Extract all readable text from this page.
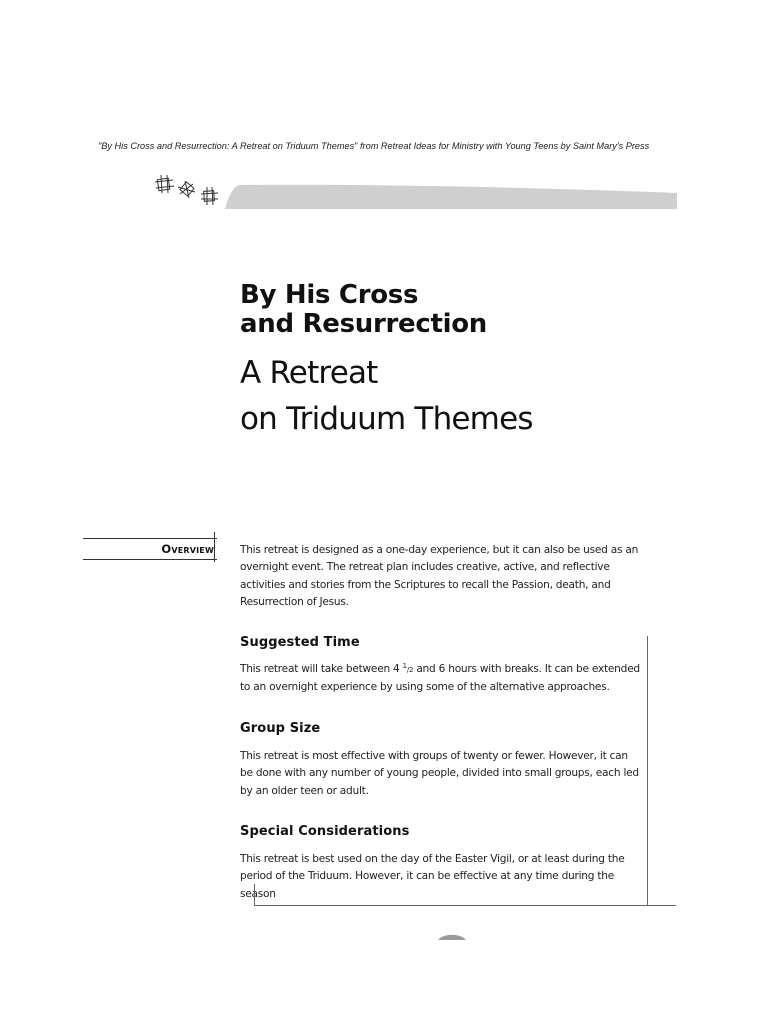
"By His Cross and Resurrection: A Retreat on Triduum Themes" from Retreat Ideas for Ministry with Young Teens by Saint Mary's Press
By His Cross
and Resurrection
A Retreat
on Triduum Themes
Overview This retreat is designed as a one-day experience, but it can also be used as an overnight event. The retreat plan includes creative, active, and reflective activities and stories from the Scriptures to recall the Passion, death, and Resurrection of Jesus.
Suggested Time
This retreat will take between 4 $^1$/2 and 6 hours with breaks. It can be extended to an overnight experience by using some of the alternative approaches.
Group Size
This retreat is most effective with groups of twenty or fewer. However, it can be done with any number of young people, divided into small groups, each led by an older teen or adult.
Special Considerations
This retreat is best used on the day of the Easter Vigil, or at least during the period of the Triduum. However, it can be effective at any time during the season
